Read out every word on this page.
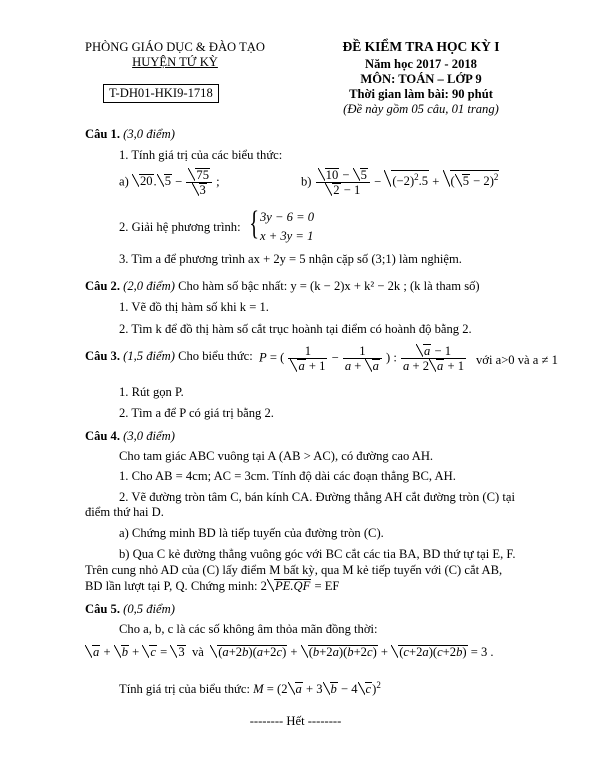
PHÒNG GIÁO DỤC & ĐÀO TẠO
HUYỆN TỨ KỲ
T-DH01-HKI9-1718
ĐỀ KIỂM TRA HỌC KỲ I
Năm học 2017 - 2018
MÔN: TOÁN – LỚP 9
Thời gian làm bài: 90 phút
(Đề này gồm 05 câu, 01 trang)
Câu 1. (3,0 điểm)
1. Tính giá trị của các biểu thức:
a) 20. $5 - \frac{75}{3}$ ;	$b) \frac{10 - 5}{2 - 1} - (-2)^2.5$ + ( 5 − 2)$^2$
2. Giải hệ phương trình: { 3y − 6 = 0
x + 3y = 1
3. Tìm a để phương trình ax + 2y = 5 nhận cặp số (3;1) làm nghiệm.
Câu 2. (2,0 điểm) Cho hàm số bậc nhất: y = (k − 2)x + k² − 2k ; (k là tham số)
1. Vẽ đồ thị hàm số khi k = 1.
2. Tìm k để đồ thị hàm số cắt trục hoành tại điểm có hoành độ bằng 2.
Câu 3. (1,5 điểm) Cho biểu thức: P = ( $\frac{1}{a + 1} - \frac{1}{a + a}$ ) : $\frac{a - 1}{a + 2 a + 1}$ với a>0 và a ≠ 1
1. Rút gọn P.
2. Tìm a để P có giá trị bằng 2.
Câu 4. (3,0 điểm)
Cho tam giác ABC vuông tại A (AB > AC), có đường cao AH.
1. Cho AB = 4cm; AC = 3cm. Tính độ dài các đoạn thẳng BC, AH.
2. Vẽ đường tròn tâm C, bán kính CA. Đường thẳng AH cắt đường tròn (C) tại
điểm thứ hai D.
a) Chứng minh BD là tiếp tuyến của đường tròn (C).
b) Qua C kẻ đường thẳng vuông góc với BC cắt các tia BA, BD thứ tự tại E, F.
Trên cung nhỏ AD của (C) lấy điểm M bất kỳ, qua M kẻ tiếp tuyến với (C) cắt AB,
BD lần lượt tại P, Q. Chứng minh: 2 PE.QF = EF
Câu 5. (0,5 điểm)
Cho a, b, c là các số không âm thỏa mãn đồng thời:
a + b + c = 3 và (a+2b)(a+2c) + (b+2a)(b+2c) + (c+2a)(c+2b) = 3 .
Tính giá trị của biểu thức: M = (2 a + 3 b − 4 c)$^2$
-------- Hết --------
